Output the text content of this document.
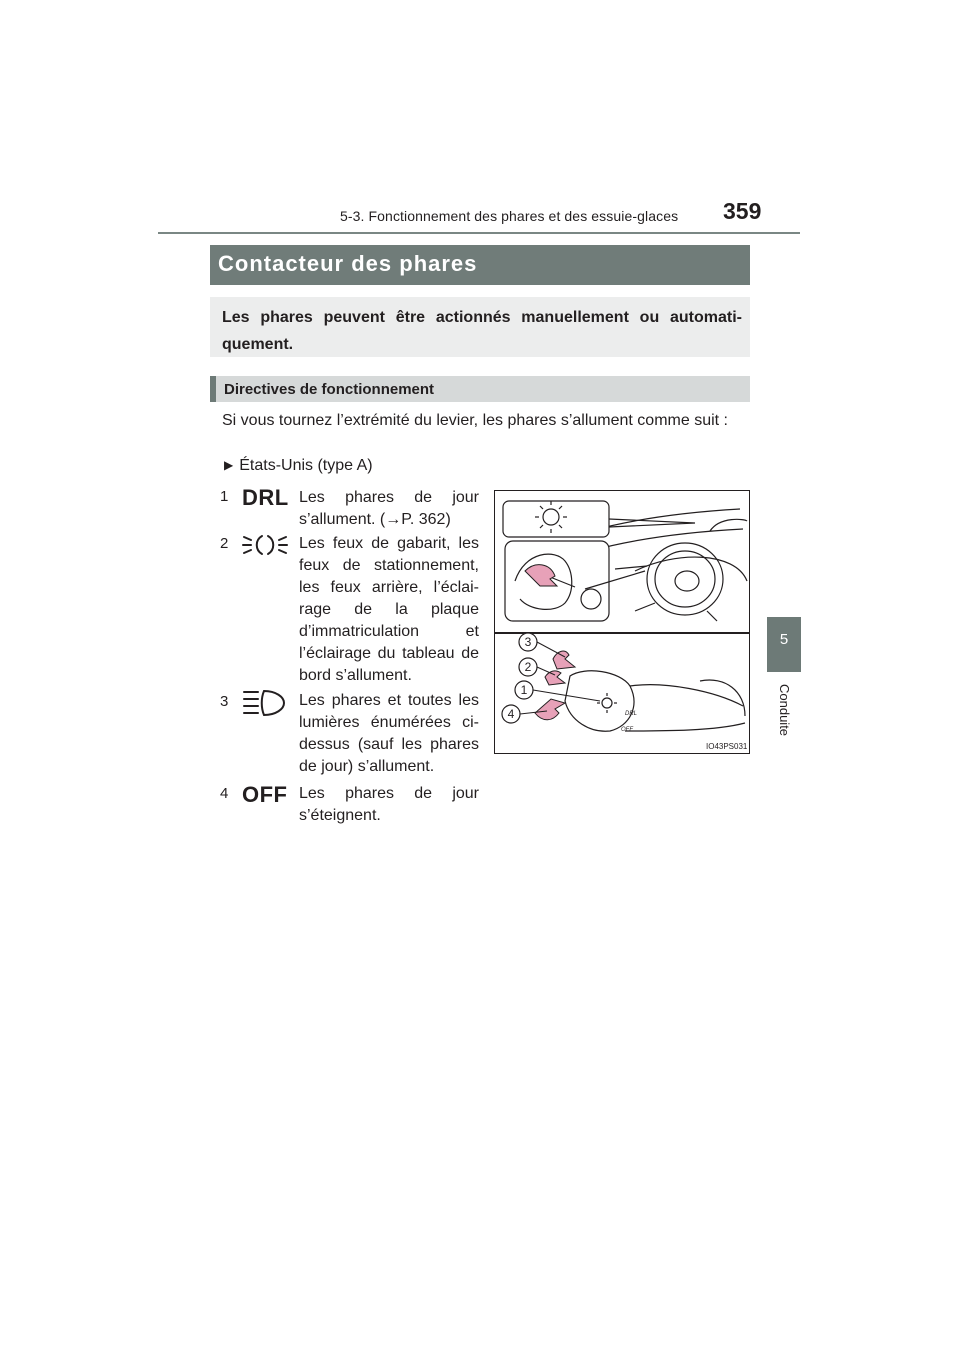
5-3. Fonctionnement des phares et des essuie-glaces 359
5
Conduite
Contacteur des phares
Les phares peuvent être actionnés manuellement ou automati-quement.
Directives de fonctionnement
Si vous tournez l’extrémité du levier, les phares s’allument comme suit :
▶ États-Unis (type A)
1 DRL Les phares de jour s’allument. (→P. 362)
2	Les feux de gabarit, les feux de stationnement, les feux arrière, l’éclai-rage de la plaque d’immatriculation et l’éclairage du tableau de bord s’allument.
3	Les phares et toutes les lumières énumérées ci-dessus (sauf les phares de jour) s’allument.
4 OFF Les phares de jour s’éteignent.
3
2
1
4	DRL
OFF
IO43PS031
